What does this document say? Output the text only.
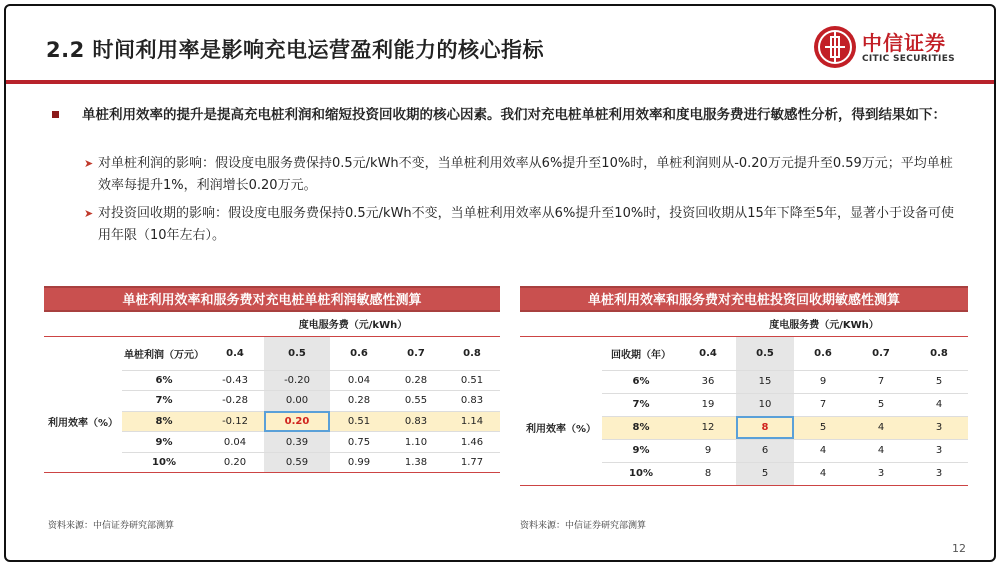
2.2 时间利用率是影响充电运营盈利能力的核心指标	中信证券
CITIC SECURITIES
单桩利用效率的提升是提高充电桩利润和缩短投资回收期的核心因素。我们对充电桩单桩利用效率和度电服务费进行敏感性分析，得到结果如下：
➤ 对单桩利润的影响：假设度电服务费保持0.5元/kWh不变，当单桩利用效率从6%提升至10%时，单桩利润则从-0.20万元提升至0.59万元；平均单桩效率每提升1%，利润增长0.20万元。
➤ 对投资回收期的影响：假设度电服务费保持0.5元/kWh不变，当单桩利用效率从6%提升至10%时，投资回收期从15年下降至5年，显著小于设备可使用年限（10年左右）。
单桩利用效率和服务费对充电桩单桩利润敏感性测算
		度电服务费（元/kWh）				
	单桩利润（万元）	0.4	0.5	0.6	0.7	0.8
利用效率（%）	6%	-0.43	-0.20	0.04	0.28	0.51
	7%	-0.28	0.00	0.28	0.55	0.83
	8%	-0.12	0.20	0.51	0.83	1.14
	9%	0.04	0.39	0.75	1.10	1.46
	10%	0.20	0.59	0.99	1.38	1.77
单桩利用效率和服务费对充电桩投资回收期敏感性测算
		度电服务费（元/KWh）				
	回收期（年）	0.4	0.5	0.6	0.7	0.8
利用效率（%）	6%	36	15	9	7	5
	7%	19	10	7	5	4
	8%	12	8	5	4	3
	9%	9	6	4	4	3
	10%	8	5	4	3	3
资料来源：中信证券研究部测算	资料来源：中信证券研究部测算
12
